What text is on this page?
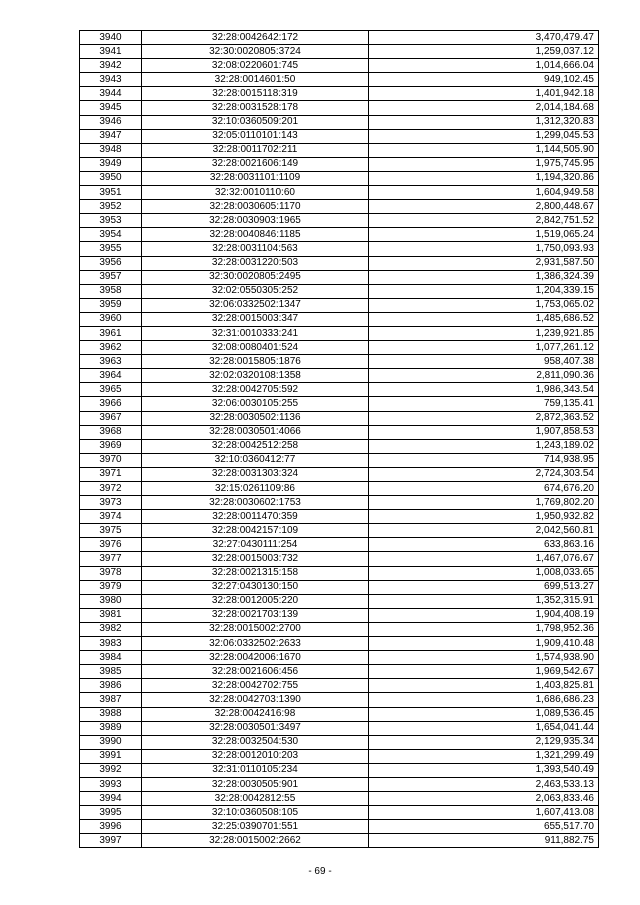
3940	32:28:0042642:172	3,470,479.47
3941	32:30:0020805:3724	1,259,037.12
3942	32:08:0220601:745	1,014,666.04
3943	32:28:0014601:50	949,102.45
3944	32:28:0015118:319	1,401,942.18
3945	32:28:0031528:178	2,014,184.68
3946	32:10:0360509:201	1,312,320.83
3947	32:05:0110101:143	1,299,045.53
3948	32:28:0011702:211	1,144,505.90
3949	32:28:0021606:149	1,975,745.95
3950	32:28:0031101:1109	1,194,320.86
3951	32:32:0010110:60	1,604,949.58
3952	32:28:0030605:1170	2,800,448.67
3953	32:28:0030903:1965	2,842,751.52
3954	32:28:0040846:1185	1,519,065.24
3955	32:28:0031104:563	1,750,093.93
3956	32:28:0031220:503	2,931,587.50
3957	32:30:0020805:2495	1,386,324.39
3958	32:02:0550305:252	1,204,339.15
3959	32:06:0332502:1347	1,753,065.02
3960	32:28:0015003:347	1,485,686.52
3961	32:31:0010333:241	1,239,921.85
3962	32:08:0080401:524	1,077,261.12
3963	32:28:0015805:1876	958,407.38
3964	32:02:0320108:1358	2,811,090.36
3965	32:28:0042705:592	1,986,343.54
3966	32:06:0030105:255	759,135.41
3967	32:28:0030502:1136	2,872,363.52
3968	32:28:0030501:4066	1,907,858.53
3969	32:28:0042512:258	1,243,189.02
3970	32:10:0360412:77	714,938.95
3971	32:28:0031303:324	2,724,303.54
3972	32:15:0261109:86	674,676.20
3973	32:28:0030602:1753	1,769,802.20
3974	32:28:0011470:359	1,950,932.82
3975	32:28:0042157:109	2,042,560.81
3976	32:27:0430111:254	633,863.16
3977	32:28:0015003:732	1,467,076.67
3978	32:28:0021315:158	1,008,033.65
3979	32:27:0430130:150	699,513.27
3980	32:28:0012005:220	1,352,315.91
3981	32:28:0021703:139	1,904,408.19
3982	32:28:0015002:2700	1,798,952.36
3983	32:06:0332502:2633	1,909,410.48
3984	32:28:0042006:1670	1,574,938.90
3985	32:28:0021606:456	1,969,542.67
3986	32:28:0042702:755	1,403,825.81
3987	32:28:0042703:1390	1,686,686.23
3988	32:28:0042416:98	1,089,536.45
3989	32:28:0030501:3497	1,654,041.44
3990	32:28:0032504:530	2,129,935.34
3991	32:28:0012010:203	1,321,299.49
3992	32:31:0110105:234	1,393,540.49
3993	32:28:0030505:901	2,463,533.13
3994	32:28:0042812:55	2,063,833.46
3995	32:10:0360508:105	1,607,413.08
3996	32:25:0390701:551	655,517.70
3997	32:28:0015002:2662	911,882.75
- 69 -
